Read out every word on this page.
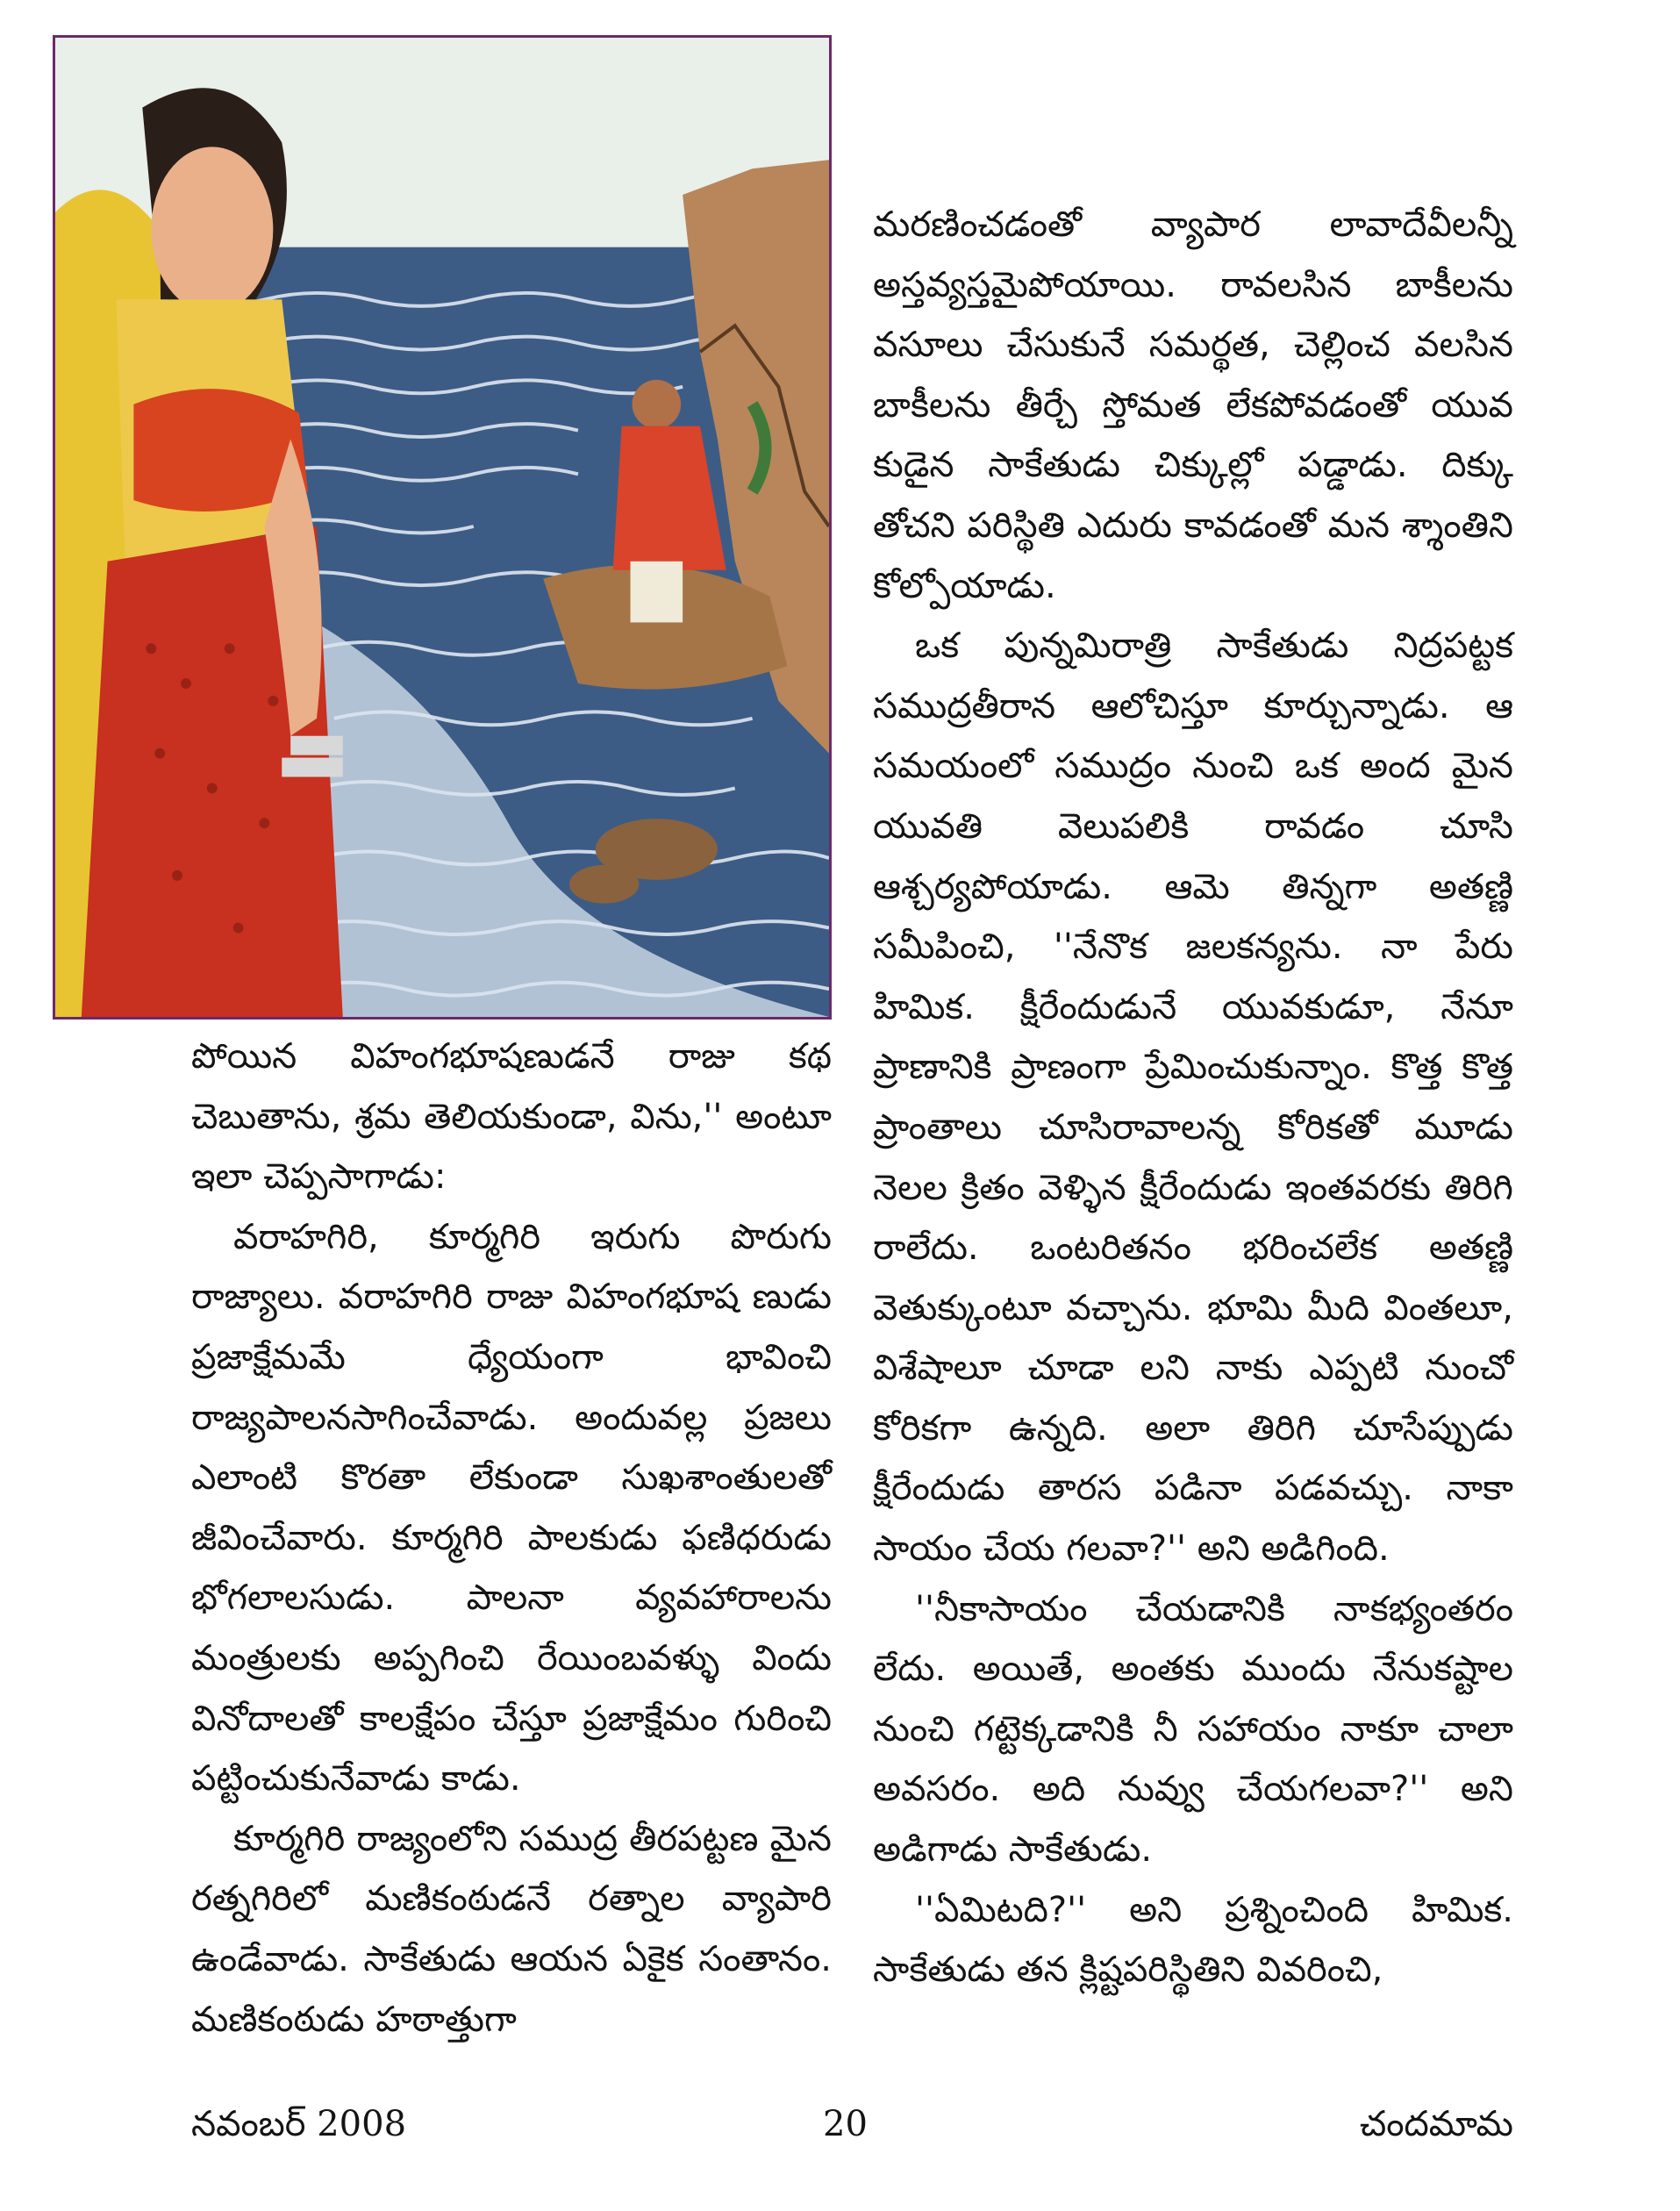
పోయిన విహంగభూషణుడనే రాజు కథ చెబుతాను, శ్రమ తెలియకుండా, విను,'' అంటూ ఇలా చెప్పసాగాడు:

వరాహగిరి, కూర్మగిరి ఇరుగు పొరుగు రాజ్యాలు. వరాహగిరి రాజు విహంగభూష ణుడు ప్రజాక్షేమమే ధ్యేయంగా భావించి రాజ్యపాలనసాగించేవాడు. అందువల్ల ప్రజలు ఎలాంటి కొరతా లేకుండా సుఖశాంతులతో జీవించేవారు. కూర్మగిరి పాలకుడు ఫణిధరుడు భోగలాలసుడు. పాలనా వ్యవహారాలను మంత్రులకు అప్పగించి రేయింబవళ్ళు విందు వినోదాలతో కాలక్షేపం చేస్తూ ప్రజాక్షేమం గురించి పట్టించుకునేవాడు కాడు.

కూర్మగిరి రాజ్యంలోని సముద్ర తీరపట్టణ మైన రత్నగిరిలో మణికంఠుడనే రత్నాల వ్యాపారి ఉండేవాడు. సాకేతుడు ఆయన ఏకైక సంతానం. మణికంఠుడు హఠాత్తుగా

మరణించడంతో వ్యాపార లావాదేవీలన్నీ అస్తవ్యస్తమైపోయాయి. రావలసిన బాకీలను వసూలు చేసుకునే సమర్థత, చెల్లించ వలసిన బాకీలను తీర్చే స్తోమత లేకపోవడంతో యువ కుడైన సాకేతుడు చిక్కుల్లో పడ్డాడు. దిక్కు తోచని పరిస్థితి ఎదురు కావడంతో మన శ్శాంతిని కోల్పోయాడు.

ఒక పున్నమిరాత్రి సాకేతుడు నిద్రపట్టక సముద్రతీరాన ఆలోచిస్తూ కూర్చున్నాడు. ఆ సమయంలో సముద్రం నుంచి ఒక అంద మైన యువతి వెలుపలికి రావడం చూసి ఆశ్చర్యపోయాడు. ఆమె తిన్నగా అతణ్ణి సమీపించి, ''నేనొక జలకన్యను. నా పేరు హిమిక. క్షీరేందుడునే యువకుడూ, నేనూ ప్రాణానికి ప్రాణంగా ప్రేమించుకున్నాం. కొత్త కొత్త ప్రాంతాలు చూసిరావాలన్న కోరికతో మూడు నెలల క్రితం వెళ్ళిన క్షీరేందుడు ఇంతవరకు తిరిగి రాలేదు. ఒంటరితనం భరించలేక అతణ్ణి వెతుక్కుంటూ వచ్చాను. భూమి మీది వింతలూ, విశేషాలూ చూడా లని నాకు ఎప్పటి నుంచో కోరికగా ఉన్నది. అలా తిరిగి చూసేప్పుడు క్షీరేందుడు తారస పడినా పడవచ్చు. నాకా సాయం చేయ గలవా?'' అని అడిగింది.

''నీకాసాయం చేయడానికి నాకభ్యంతరం లేదు. అయితే, అంతకు ముందు నేనుకష్టాల నుంచి గట్టెక్కడానికి నీ సహాయం నాకూ చాలా అవసరం. అది నువ్వు చేయగలవా?'' అని అడిగాడు సాకేతుడు.

''ఏమిటది?'' అని ప్రశ్నించింది హిమిక. సాకేతుడు తన క్లిష్టపరిస్థితిని వివరించి,

నవంబర్ 2008	20	చందమామ
